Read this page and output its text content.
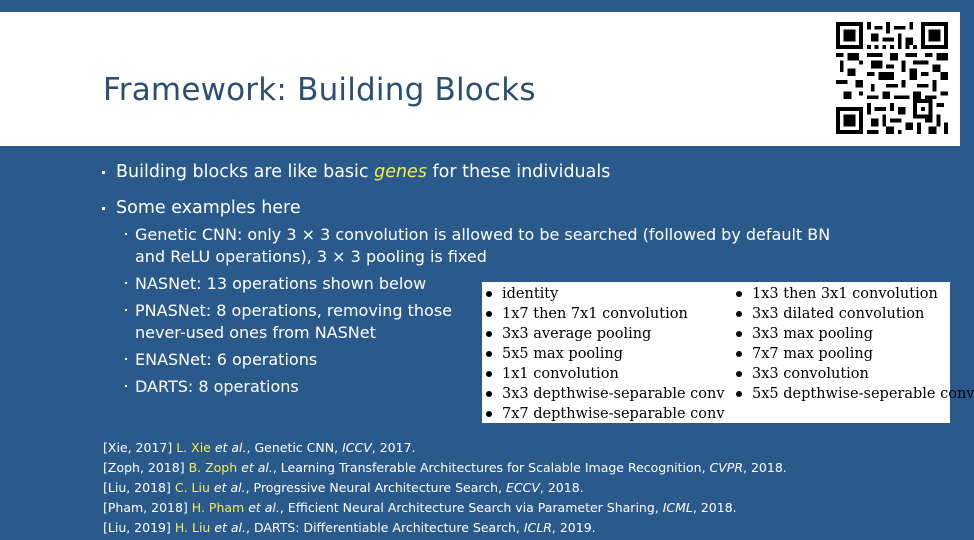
Framework: Building Blocks
Building blocks are like basic genes for these individuals
Some examples here
Genetic CNN: only 3 × 3 convolution is allowed to be searched (followed by default BN and ReLU operations), 3 × 3 pooling is fixed
NASNet: 13 operations shown below
PNASNet: 8 operations, removing those never-used ones from NASNet
ENASNet: 6 operations
DARTS: 8 operations
identity
1x7 then 7x1 convolution
3x3 average pooling
5x5 max pooling
1x1 convolution
3x3 depthwise-separable conv
7x7 depthwise-separable conv
1x3 then 3x1 convolution
3x3 dilated convolution
3x3 max pooling
7x7 max pooling
3x3 convolution
5x5 depthwise-seperable conv
[Xie, 2017] L. Xie et al., Genetic CNN, ICCV, 2017.
[Zoph, 2018] B. Zoph et al., Learning Transferable Architectures for Scalable Image Recognition, CVPR, 2018.
[Liu, 2018] C. Liu et al., Progressive Neural Architecture Search, ECCV, 2018.
[Pham, 2018] H. Pham et al., Efficient Neural Architecture Search via Parameter Sharing, ICML, 2018.
[Liu, 2019] H. Liu et al., DARTS: Differentiable Architecture Search, ICLR, 2019.
